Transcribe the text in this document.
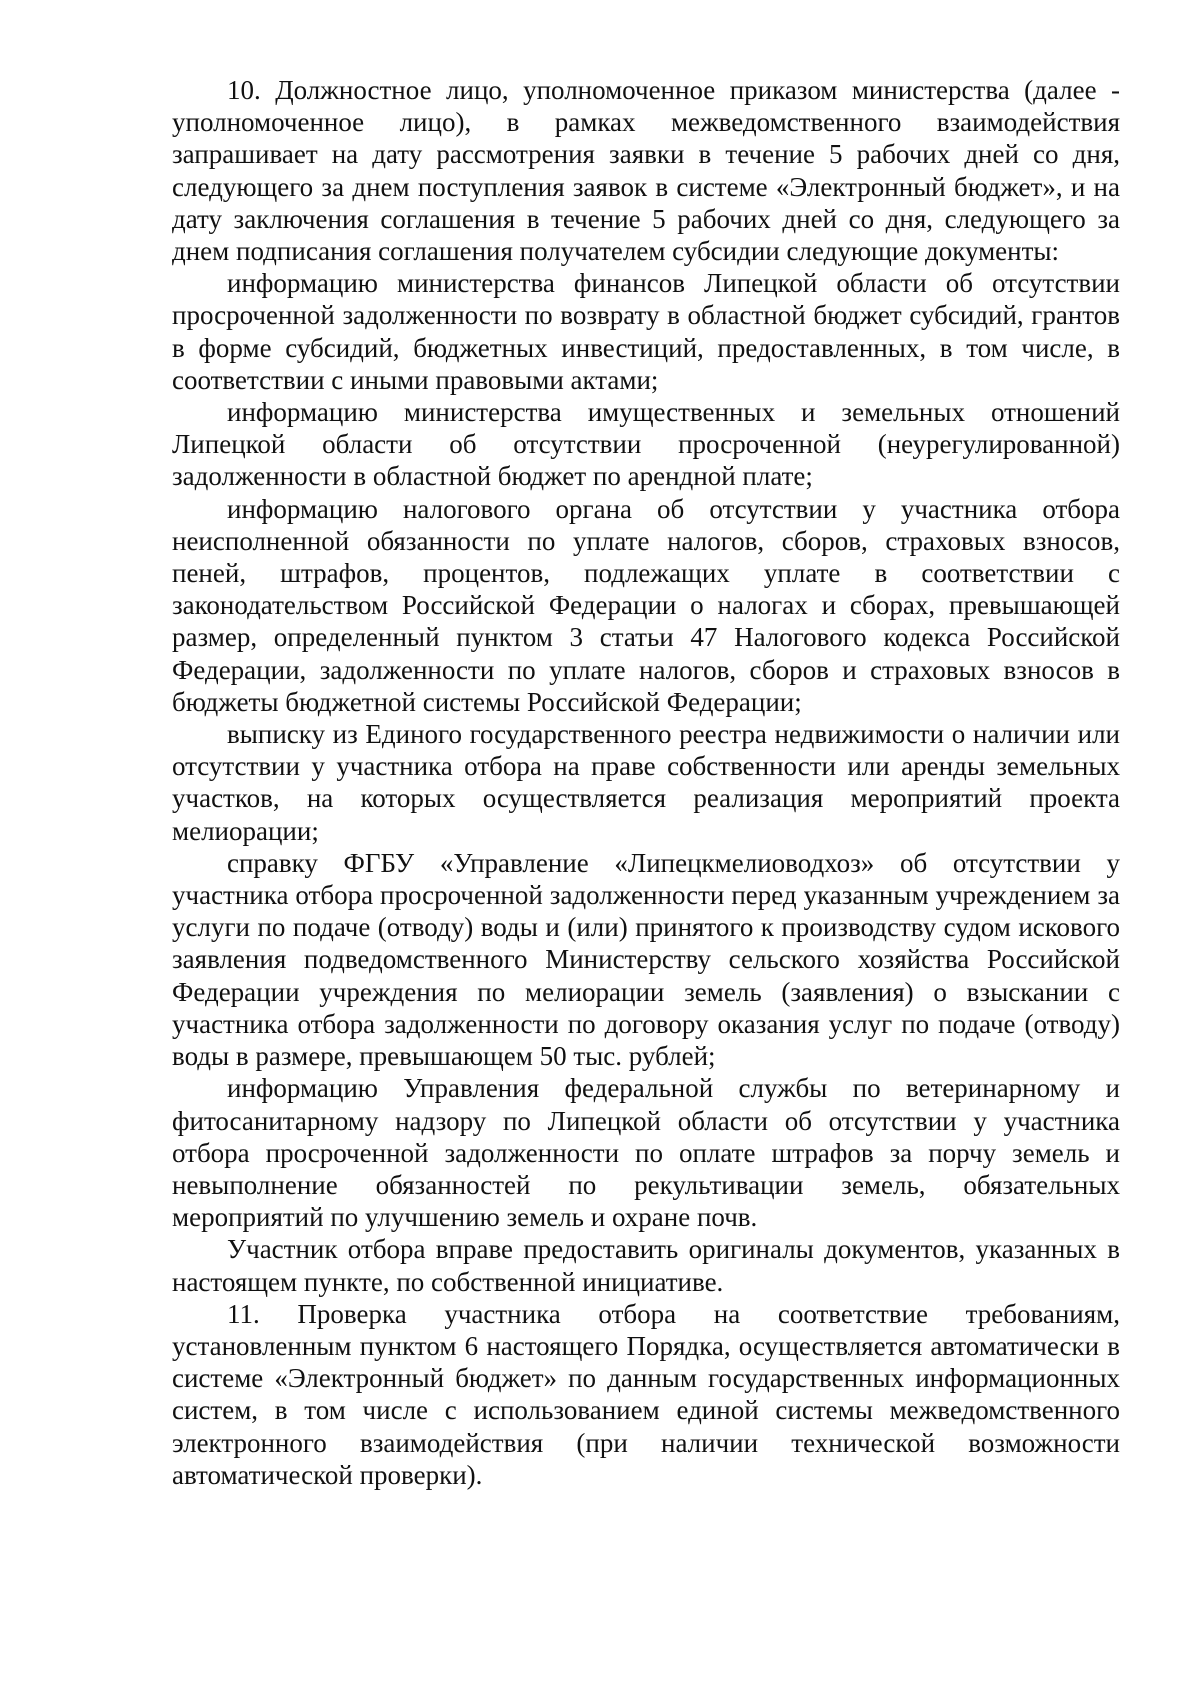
10. Должностное лицо, уполномоченное приказом министерства (далее - уполномоченное лицо), в рамках межведомственного взаимодействия запрашивает на дату рассмотрения заявки в течение 5 рабочих дней со дня, следующего за днем поступления заявок в системе «Электронный бюджет», и на дату заключения соглашения в течение 5 рабочих дней со дня, следующего за днем подписания соглашения получателем субсидии следующие документы:

информацию министерства финансов Липецкой области об отсутствии просроченной задолженности по возврату в областной бюджет субсидий, грантов в форме субсидий, бюджетных инвестиций, предоставленных, в том числе, в соответствии с иными правовыми актами;

информацию министерства имущественных и земельных отношений Липецкой области об отсутствии просроченной (неурегулированной) задолженности в областной бюджет по арендной плате;

информацию налогового органа об отсутствии у участника отбора неисполненной обязанности по уплате налогов, сборов, страховых взносов, пеней, штрафов, процентов, подлежащих уплате в соответствии с законодательством Российской Федерации о налогах и сборах, превышающей размер, определенный пунктом 3 статьи 47 Налогового кодекса Российской Федерации, задолженности по уплате налогов, сборов и страховых взносов в бюджеты бюджетной системы Российской Федерации;

выписку из Единого государственного реестра недвижимости о наличии или отсутствии у участника отбора на праве собственности или аренды земельных участков, на которых осуществляется реализация мероприятий проекта мелиорации;

справку ФГБУ «Управление «Липецкмелиоводхоз» об отсутствии у участника отбора просроченной задолженности перед указанным учреждением за услуги по подаче (отводу) воды и (или) принятого к производству судом искового заявления подведомственного Министерству сельского хозяйства Российской Федерации учреждения по мелиорации земель (заявления) о взыскании с участника отбора задолженности по договору оказания услуг по подаче (отводу) воды в размере, превышающем 50 тыс. рублей;

информацию Управления федеральной службы по ветеринарному и фитосанитарному надзору по Липецкой области об отсутствии у участника отбора просроченной задолженности по оплате штрафов за порчу земель и невыполнение обязанностей по рекультивации земель, обязательных мероприятий по улучшению земель и охране почв.

Участник отбора вправе предоставить оригиналы документов, указанных в настоящем пункте, по собственной инициативе.

11. Проверка участника отбора на соответствие требованиям, установленным пунктом 6 настоящего Порядка, осуществляется автоматически в системе «Электронный бюджет» по данным государственных информационных систем, в том числе с использованием единой системы межведомственного электронного взаимодействия (при наличии технической возможности автоматической проверки).
